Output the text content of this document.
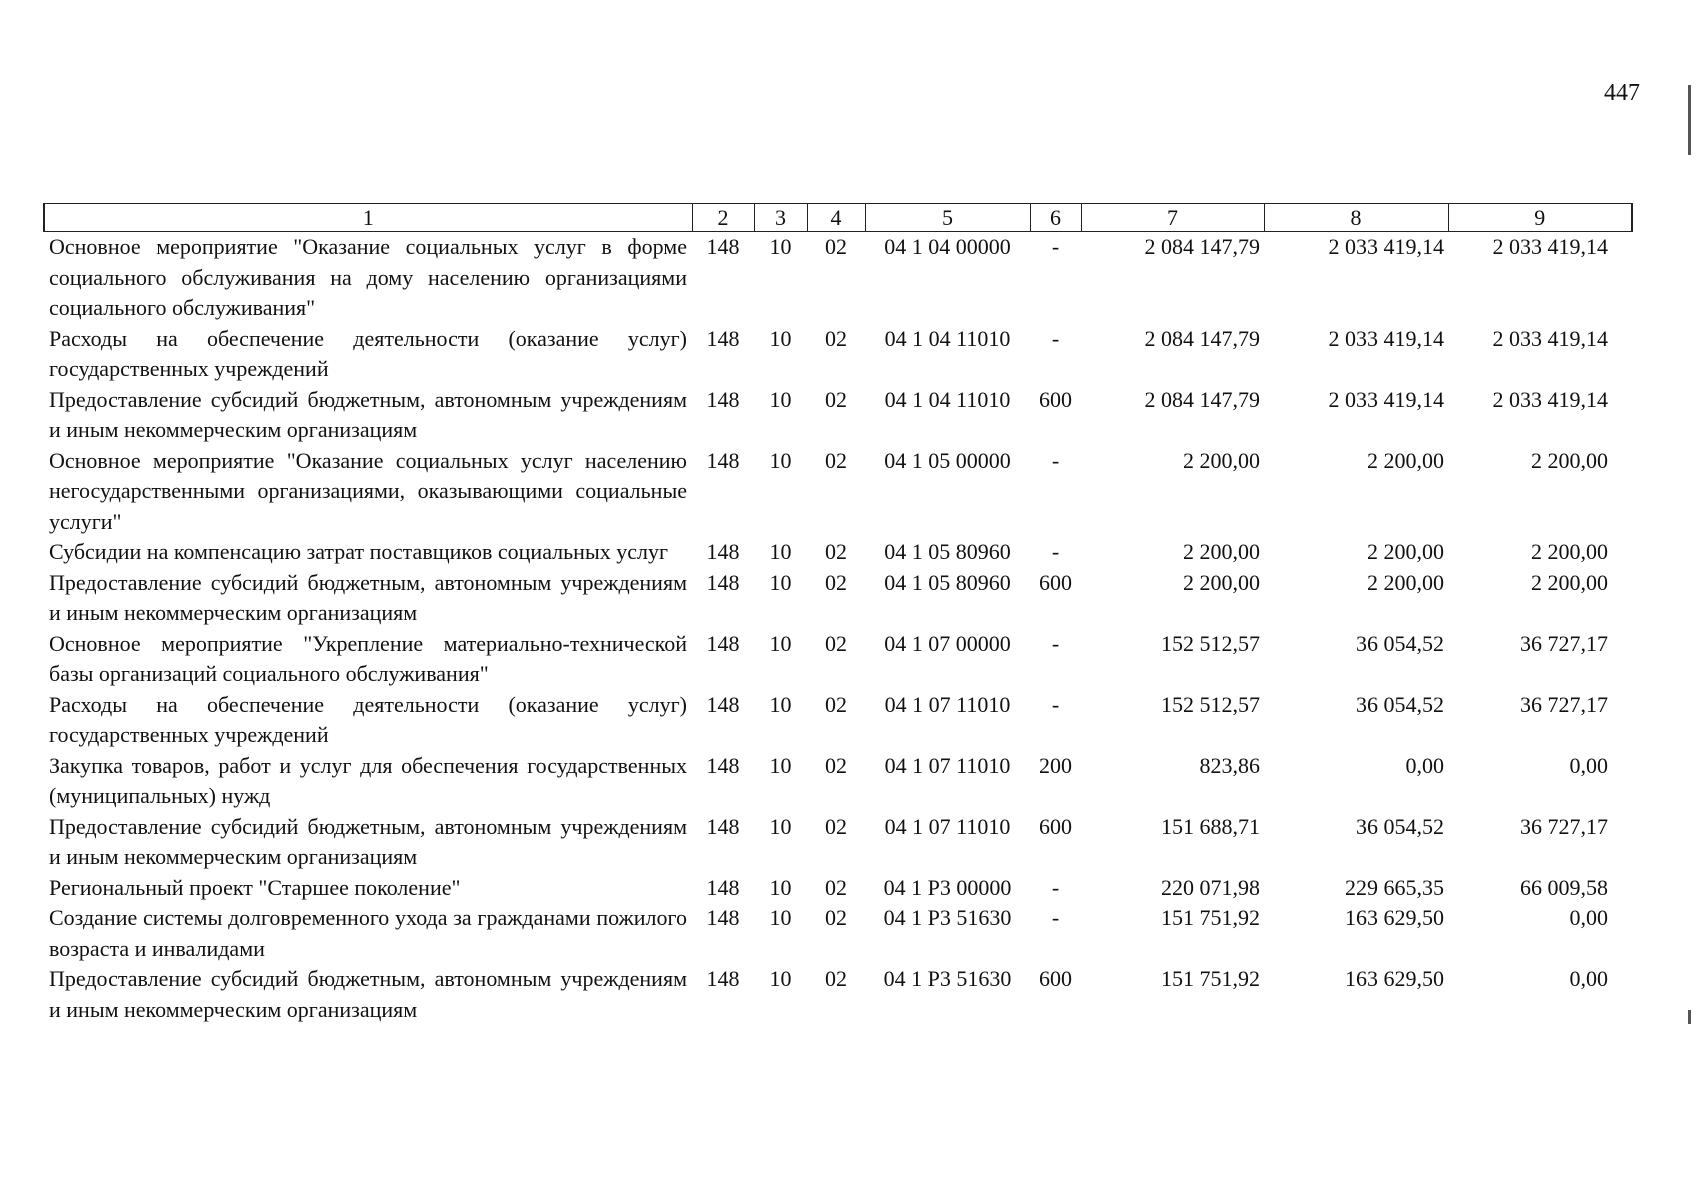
447
1	2	3	4	5	6	7	8	9
Основное мероприятие "Оказание социальных услуг в форме социального обслуживания на дому населению организациями социального обслуживания"	148	10	02	04 1 04 00000	-	2 084 147,79	2 033 419,14	2 033 419,14
Расходы на обеспечение деятельности (оказание услуг) государственных учреждений	148	10	02	04 1 04 11010	-	2 084 147,79	2 033 419,14	2 033 419,14
Предоставление субсидий бюджетным, автономным учреждениям и иным некоммерческим организациям	148	10	02	04 1 04 11010	600	2 084 147,79	2 033 419,14	2 033 419,14
Основное мероприятие "Оказание социальных услуг населению негосударственными организациями, оказывающими социальные услуги"	148	10	02	04 1 05 00000	-	2 200,00	2 200,00	2 200,00
Субсидии на компенсацию затрат поставщиков социальных услуг	148	10	02	04 1 05 80960	-	2 200,00	2 200,00	2 200,00
Предоставление субсидий бюджетным, автономным учреждениям и иным некоммерческим организациям	148	10	02	04 1 05 80960	600	2 200,00	2 200,00	2 200,00
Основное мероприятие "Укрепление материально-технической базы организаций социального обслуживания"	148	10	02	04 1 07 00000	-	152 512,57	36 054,52	36 727,17
Расходы на обеспечение деятельности (оказание услуг) государственных учреждений	148	10	02	04 1 07 11010	-	152 512,57	36 054,52	36 727,17
Закупка товаров, работ и услуг для обеспечения государственных (муниципальных) нужд	148	10	02	04 1 07 11010	200	823,86	0,00	0,00
Предоставление субсидий бюджетным, автономным учреждениям и иным некоммерческим организациям	148	10	02	04 1 07 11010	600	151 688,71	36 054,52	36 727,17
Региональный проект "Старшее поколение"	148	10	02	04 1 P3 00000	-	220 071,98	229 665,35	66 009,58
Создание системы долговременного ухода за гражданами пожилого возраста и инвалидами	148	10	02	04 1 P3 51630	-	151 751,92	163 629,50	0,00
Предоставление субсидий бюджетным, автономным учреждениям и иным некоммерческим организациям	148	10	02	04 1 P3 51630	600	151 751,92	163 629,50	0,00
